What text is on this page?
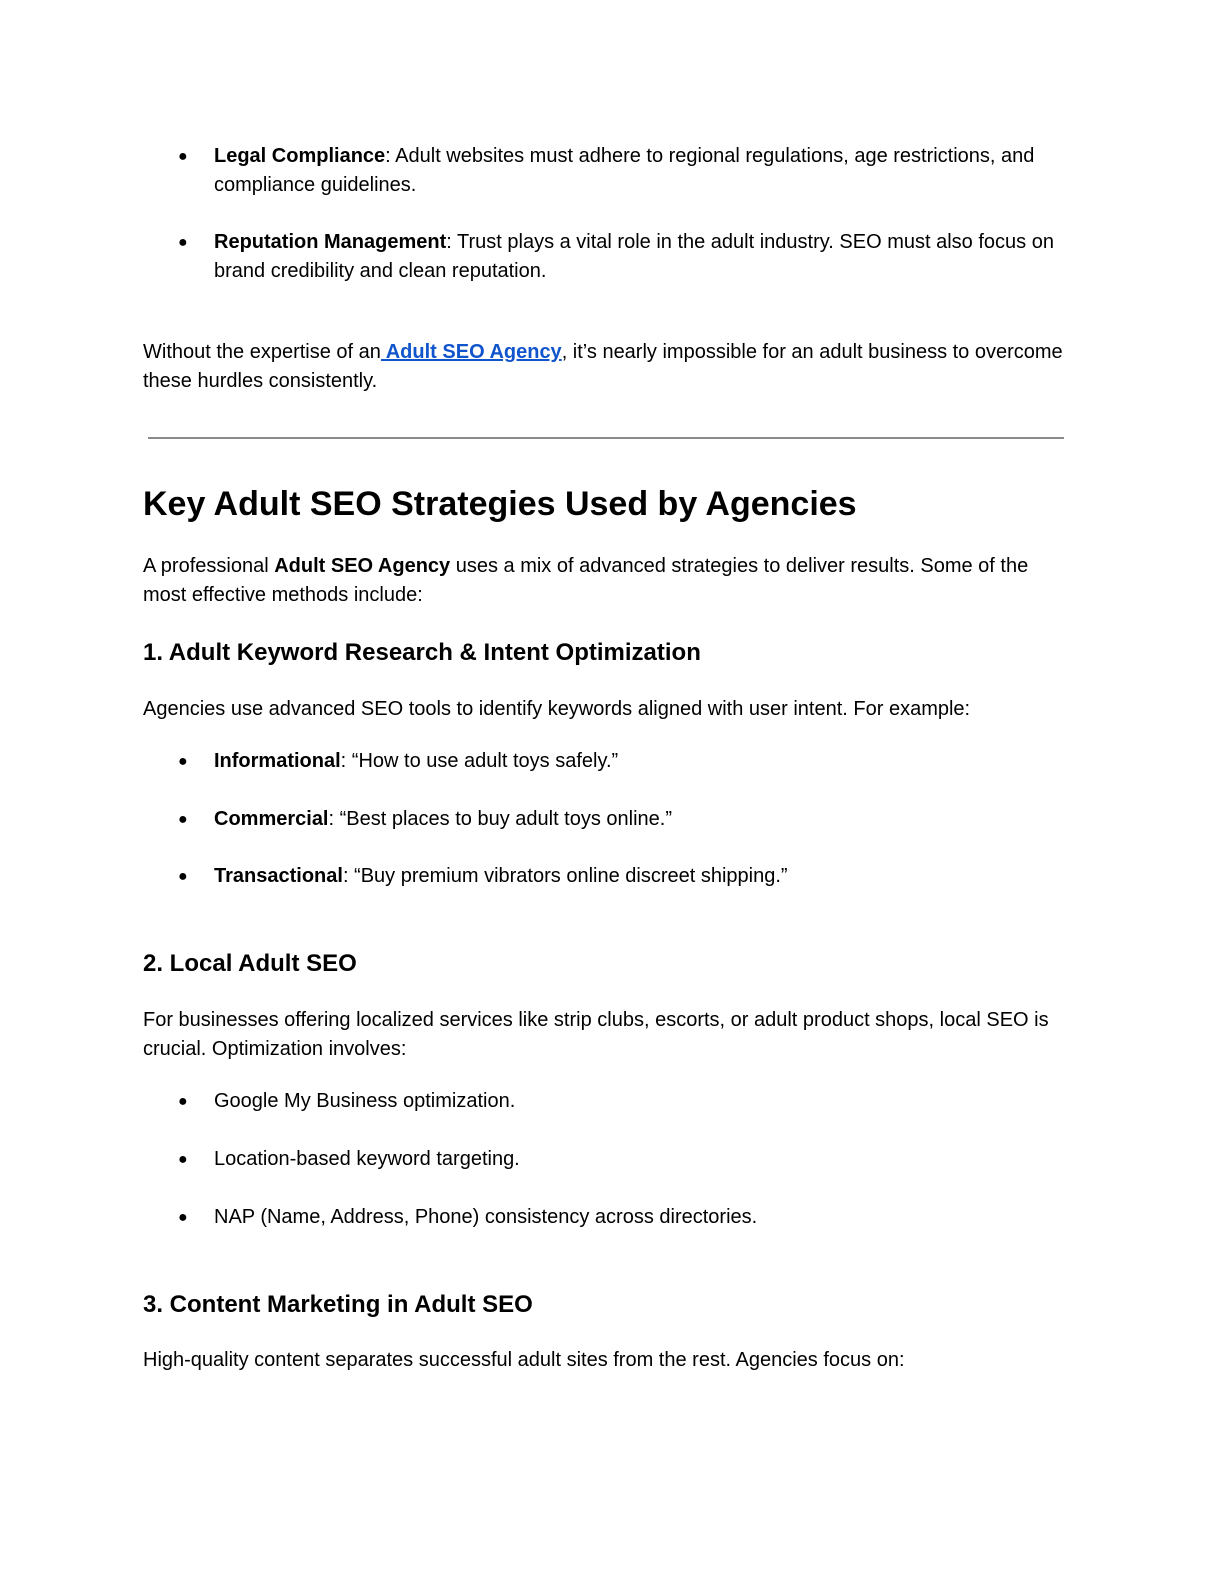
● Legal Compliance: Adult websites must adhere to regional regulations, age restrictions, and compliance guidelines.
● Reputation Management: Trust plays a vital role in the adult industry. SEO must also focus on brand credibility and clean reputation.
Without the expertise of an Adult SEO Agency, it’s nearly impossible for an adult business to overcome these hurdles consistently.
Key Adult SEO Strategies Used by Agencies
A professional Adult SEO Agency uses a mix of advanced strategies to deliver results. Some of the most effective methods include:
1. Adult Keyword Research & Intent Optimization
Agencies use advanced SEO tools to identify keywords aligned with user intent. For example:
● Informational: “How to use adult toys safely.”
● Commercial: “Best places to buy adult toys online.”
● Transactional: “Buy premium vibrators online discreet shipping.”
2. Local Adult SEO
For businesses offering localized services like strip clubs, escorts, or adult product shops, local SEO is crucial. Optimization involves:
● Google My Business optimization.
● Location-based keyword targeting.
● NAP (Name, Address, Phone) consistency across directories.
3. Content Marketing in Adult SEO
High-quality content separates successful adult sites from the rest. Agencies focus on:
